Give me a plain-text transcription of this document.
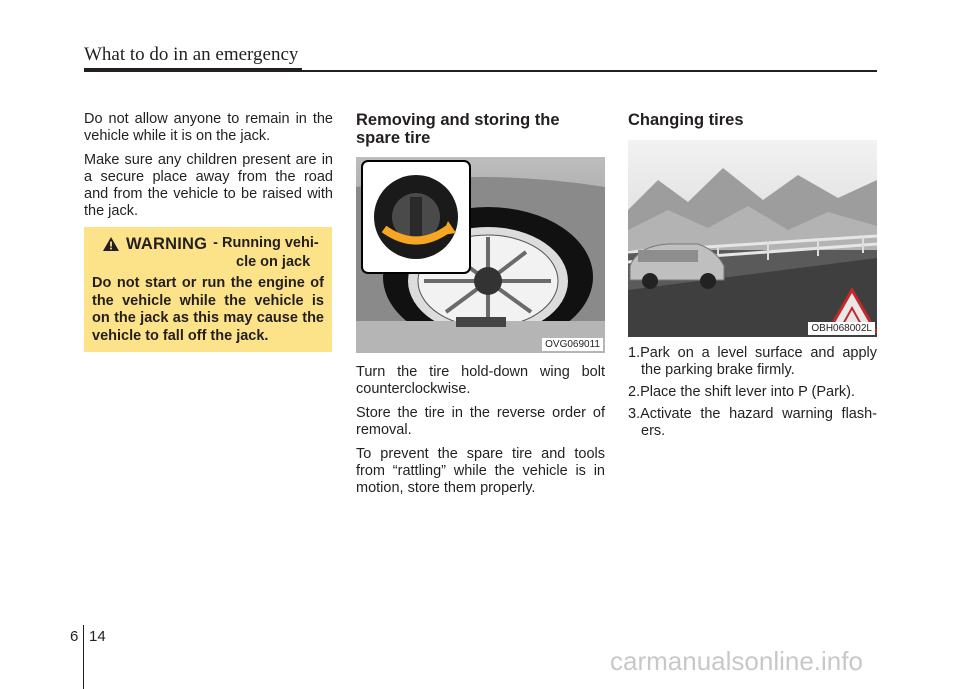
What to do in an emergency

Do not allow anyone to remain in the vehicle while it is on the jack.

Make sure any children present are in a secure place away from the road and from the vehicle to be raised with the jack.

WARNING - Running vehi-
cle on jack
Do not start or run the engine of the vehicle while the vehicle is on the jack as this may cause the vehicle to fall off the jack.
Removing and storing the spare tire
OVG069011

Turn the tire hold-down wing bolt counterclockwise.

Store the tire in the reverse order of removal.

To prevent the spare tire and tools from “rattling” while the vehicle is in motion, store them properly.

Changing tires
OBH068002L
1.Park on a level surface and apply the parking brake firmly.
2.Place the shift lever into P (Park).
3.Activate the hazard warning flash-ers.
6 14
carmanualsonline.info
